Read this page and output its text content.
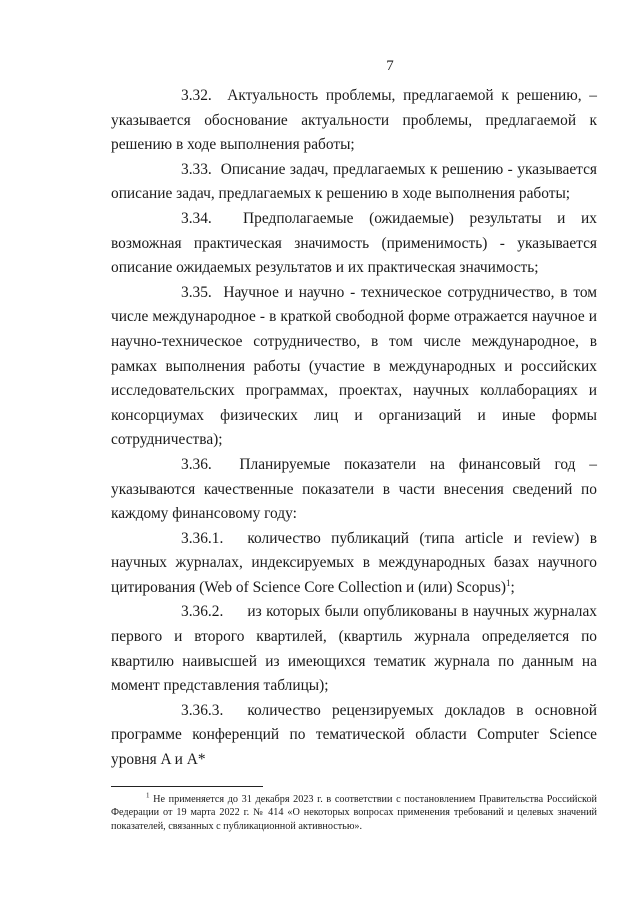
7

3.32. Актуальность проблемы, предлагаемой к решению, – указывается обоснование актуальности проблемы, предлагаемой к решению в ходе выполнения работы;

3.33. Описание задач, предлагаемых к решению - указывается описание задач, предлагаемых к решению в ходе выполнения работы;

3.34. Предполагаемые (ожидаемые) результаты и их возможная практическая значимость (применимость) - указывается описание ожидаемых результатов и их практическая значимость;

3.35. Научное и научно - техническое сотрудничество, в том числе международное - в краткой свободной форме отражается научное и научно-техническое сотрудничество, в том числе международное, в рамках выполнения работы (участие в международных и российских исследовательских программах, проектах, научных коллаборациях и консорциумах физических лиц и организаций и иные формы сотрудничества);

3.36. Планируемые показатели на финансовый год – указываются качественные показатели в части внесения сведений по каждому финансовому году:

3.36.1. количество публикаций (типа article и review) в научных журналах, индексируемых в международных базах научного цитирования (Web of Science Core Collection и (или) Scopus)$^1$;

3.36.2. из которых были опубликованы в научных журналах первого и второго квартилей, (квартиль журнала определяется по квартилю наивысшей из имеющихся тематик журнала по данным на момент представления таблицы);

3.36.3. количество рецензируемых докладов в основной программе конференций по тематической области Computer Science уровня A и A*

$^1$ Не применяется до 31 декабря 2023 г. в соответствии с постановлением Правительства Российской Федерации от 19 марта 2022 г. № 414 «О некоторых вопросах применения требований и целевых значений показателей, связанных с публикационной активностью».
